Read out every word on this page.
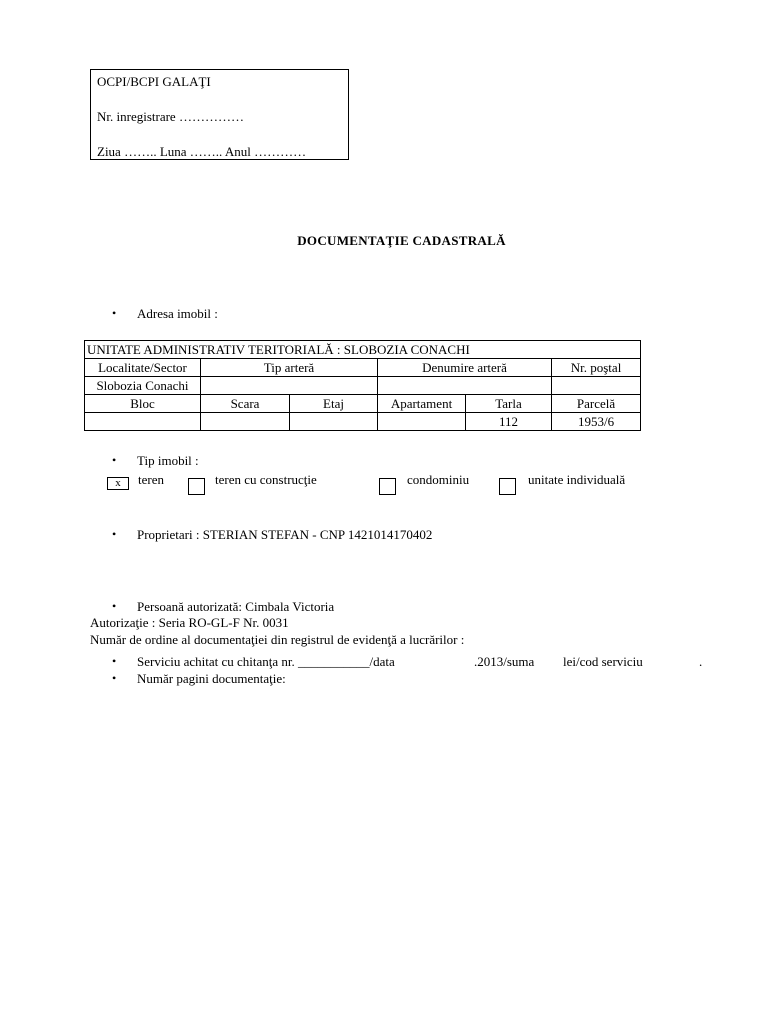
OCPI/BCPI GALAŢI
Nr. inregistrare ……………
Ziua …….. Luna …….. Anul …………
DOCUMENTAŢIE CADASTRALĂ
• Adresa imobil :
UNITATE ADMINISTRATIV TERITORIALĂ : SLOBOZIA CONACHI					
Localitate/Sector	Tip arteră		Denumire arteră		Nr. poştal
Slobozia Conachi					
Bloc	Scara	Etaj	Apartament	Tarla	Parcelă
				112	1953/6
• Tip imobil :
x	teren	teren cu construcţie	condominiu	unitate individuală
• Proprietari : STERIAN STEFAN - CNP 1421014170402
• Persoană autorizată: Cimbala Victoria
Autorizaţie : Seria RO-GL-F Nr. 0031
Număr de ordine al documentaţiei din registrul de evidenţă a lucrărilor :
• Serviciu achitat cu chitanţa nr. ___________/data	.2013/suma lei/cod serviciu	.
• Număr pagini documentaţie:
